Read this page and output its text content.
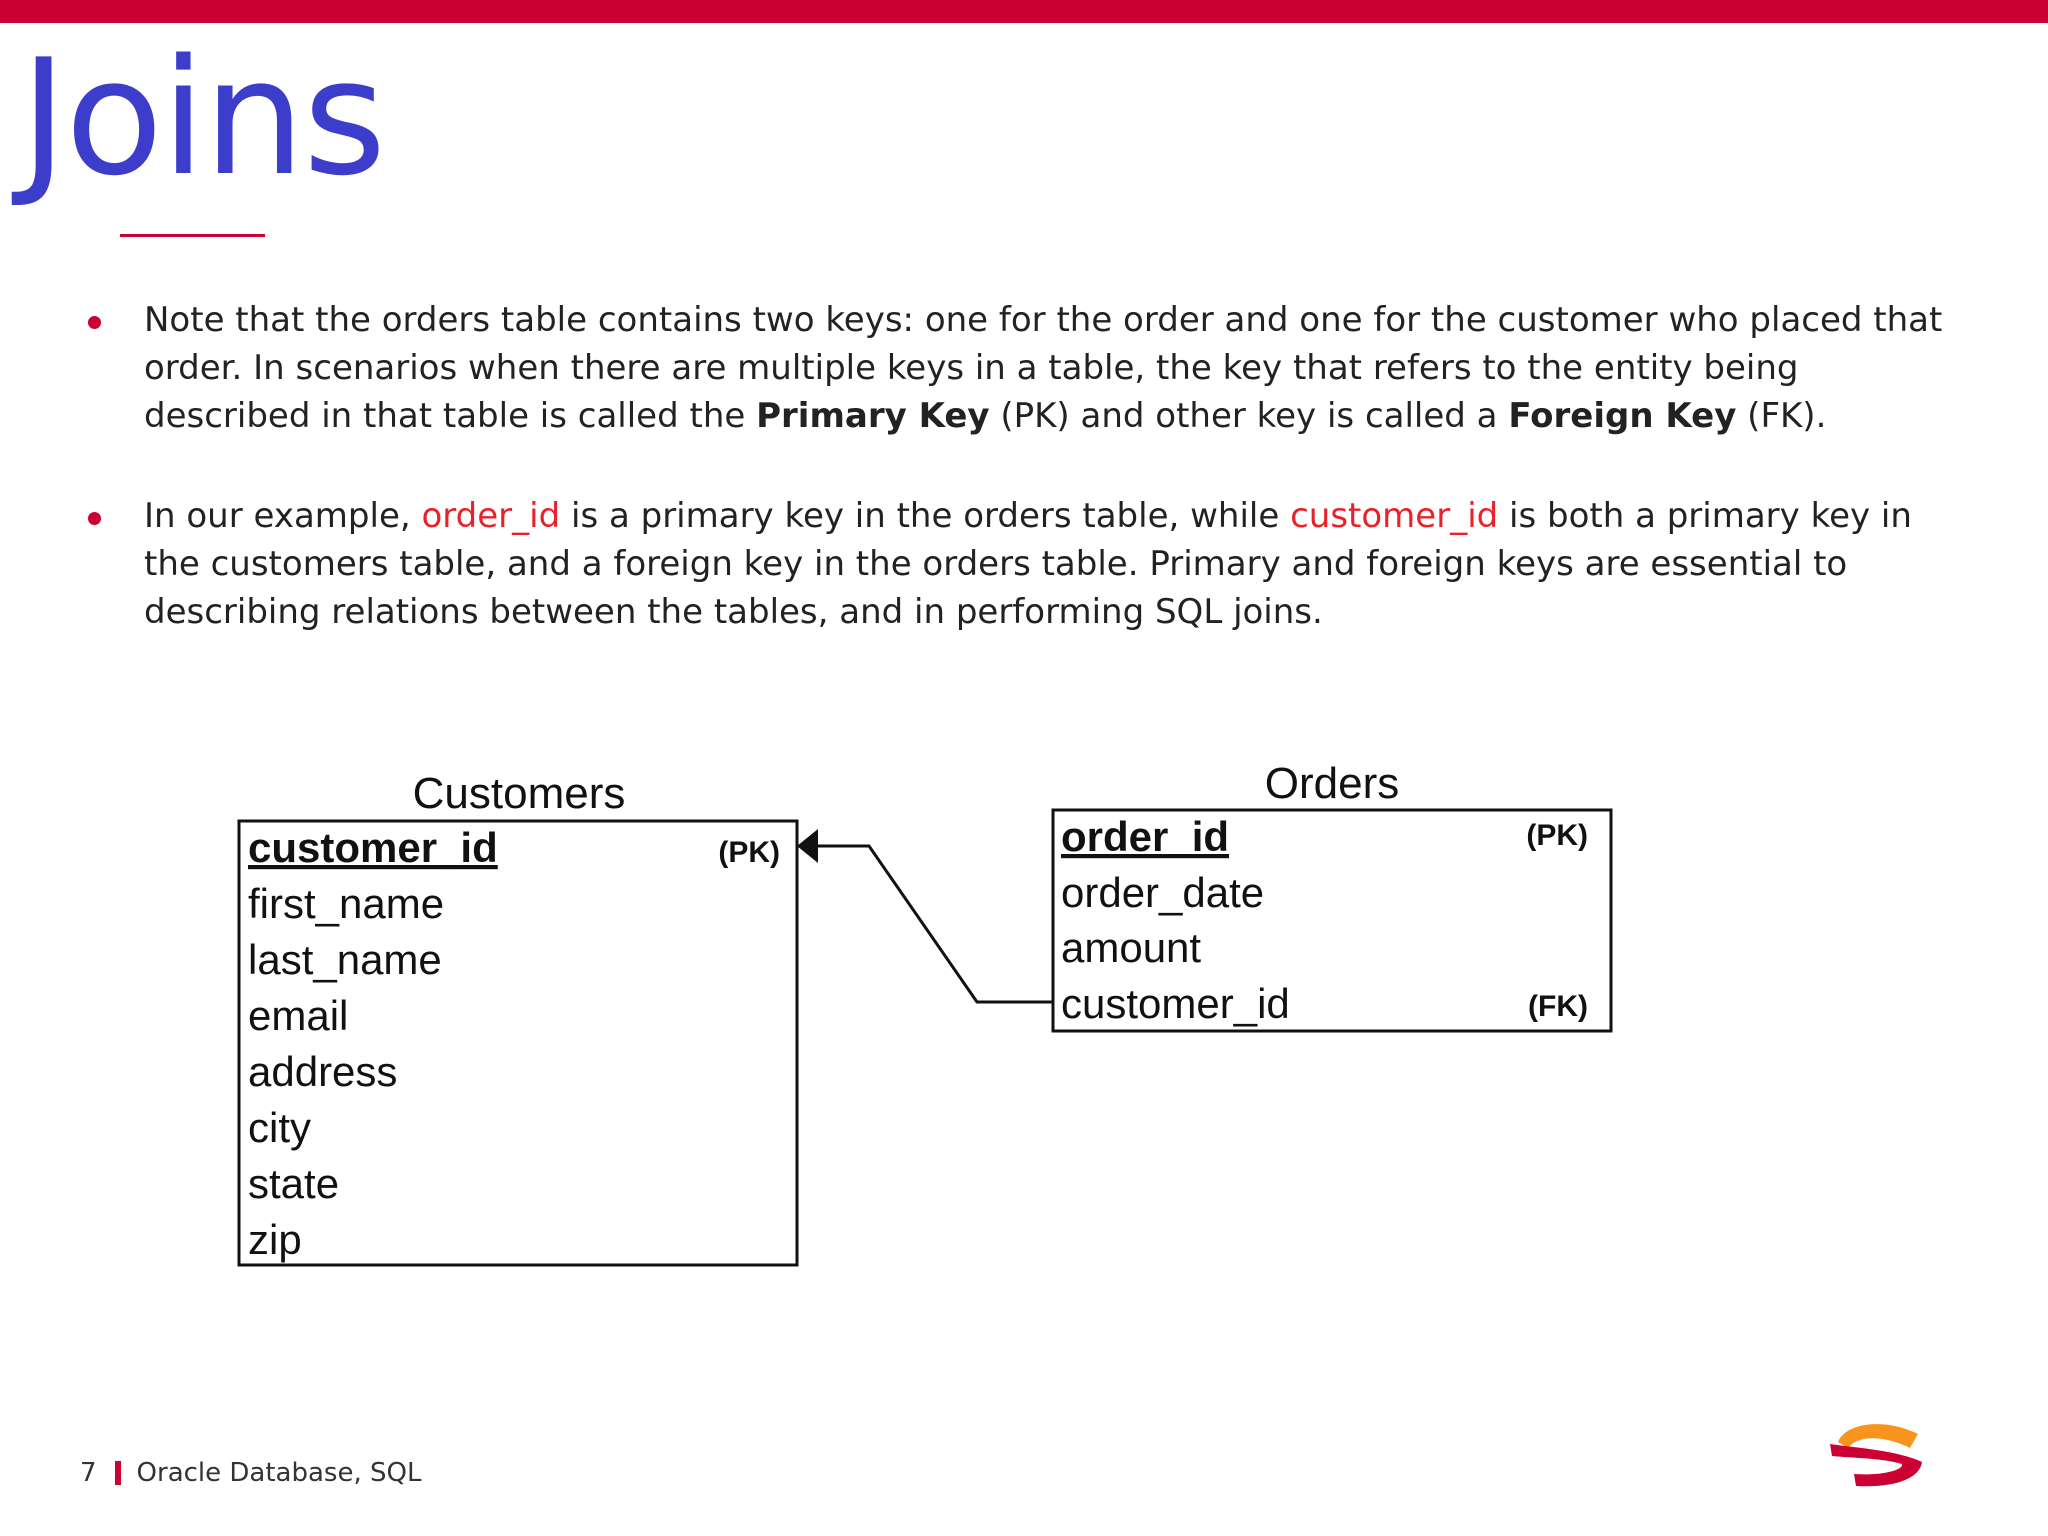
Joins
Note that the orders table contains two keys: one for the order and one for the customer who placed that order. In scenarios when there are multiple keys in a table, the key that refers to the entity being described in that table is called the Primary Key (PK) and other key is called a Foreign Key (FK).
In our example, order_id is a primary key in the orders table, while customer_id is both a primary key in the customers table, and a foreign key in the orders table. Primary and foreign keys are essential to describing relations between the tables, and in performing SQL joins.
Customers
customer_id	(PK)
first_name
last_name
email
address
city
state
zip
Orders
order_id	(PK)
order_date
amount
customer_id	(FK)
7 Oracle Database, SQL
